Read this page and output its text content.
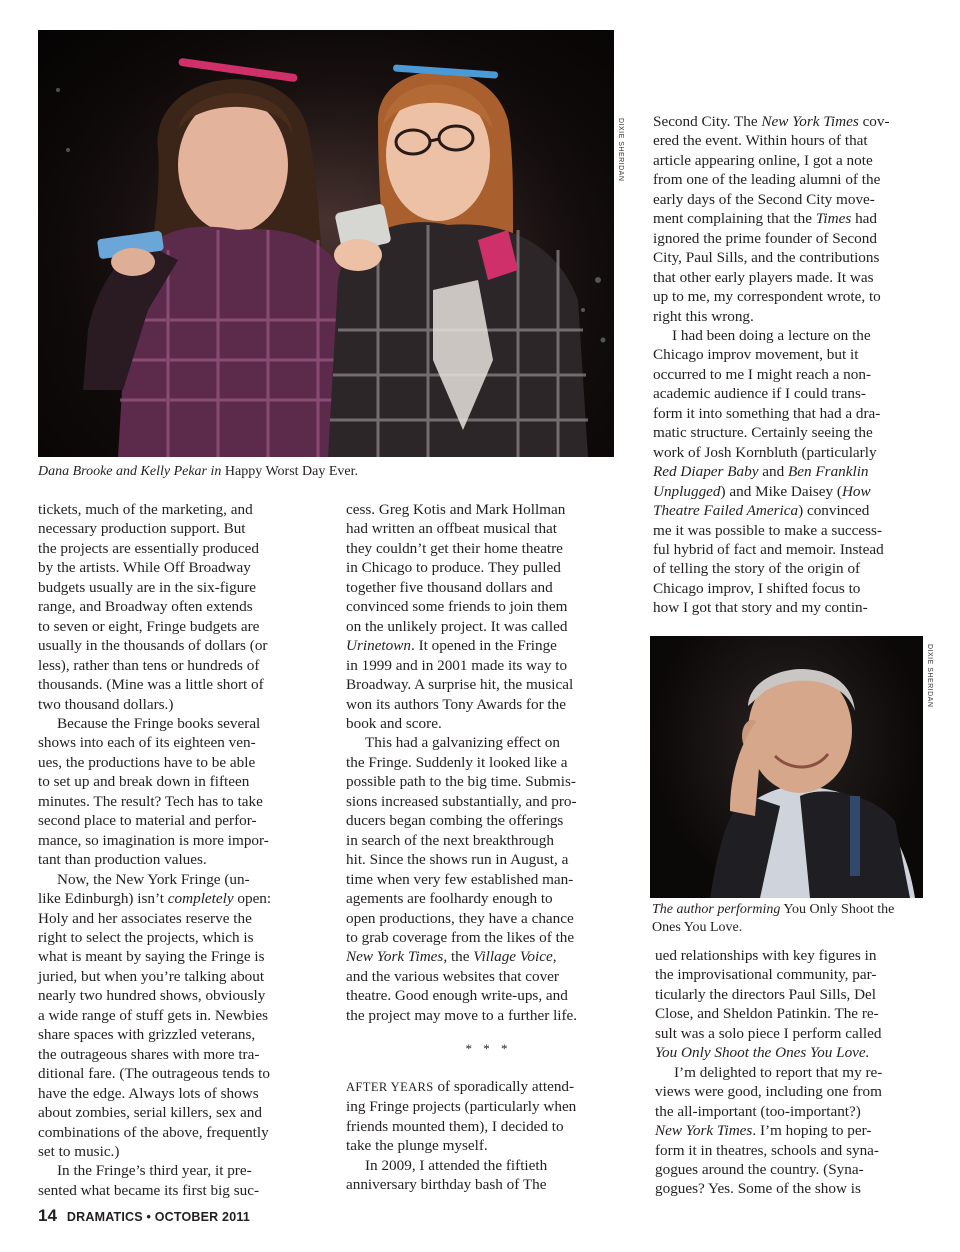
DIXIE SHERIDAN
Dana Brooke and Kelly Pekar in Happy Worst Day Ever.

tickets, much of the marketing, and
necessary production support. But
the projects are essentially produced
by the artists. While Off Broadway
budgets usually are in the six-figure
range, and Broadway often extends
to seven or eight, Fringe budgets are
usually in the thousands of dollars (or
less), rather than tens or hundreds of
thousands. (Mine was a little short of
two thousand dollars.)

Because the Fringe books several
shows into each of its eighteen ven-
ues, the productions have to be able
to set up and break down in fifteen
minutes. The result? Tech has to take
second place to material and perfor-
mance, so imagination is more impor-
tant than production values.

Now, the New York Fringe (un-
like Edinburgh) isn’t completely open:
Holy and her associates reserve the
right to select the projects, which is
what is meant by saying the Fringe is
juried, but when you’re talking about
nearly two hundred shows, obviously
a wide range of stuff gets in. Newbies
share spaces with grizzled veterans,
the outrageous shares with more tra-
ditional fare. (The outrageous tends to
have the edge. Always lots of shows
about zombies, serial killers, sex and
combinations of the above, frequently
set to music.)

In the Fringe’s third year, it pre-
sented what became its first big suc-

cess. Greg Kotis and Mark Hollman
had written an offbeat musical that
they couldn’t get their home theatre
in Chicago to produce. They pulled
together five thousand dollars and
convinced some friends to join them
on the unlikely project. It was called
Urinetown. It opened in the Fringe
in 1999 and in 2001 made its way to
Broadway. A surprise hit, the musical
won its authors Tony Awards for the
book and score.

This had a galvanizing effect on
the Fringe. Suddenly it looked like a
possible path to the big time. Submis-
sions increased substantially, and pro-
ducers began combing the offerings
in search of the next breakthrough
hit. Since the shows run in August, a
time when very few established man-
agements are foolhardy enough to
open productions, they have a chance
to grab coverage from the likes of the
New York Times, the Village Voice,
and the various websites that cover
theatre. Good enough write-ups, and
the project may move to a further life.

* * *

AFTER YEARS of sporadically attend-
ing Fringe projects (particularly when
friends mounted them), I decided to
take the plunge myself.

In 2009, I attended the fiftieth
anniversary birthday bash of The

Second City. The New York Times cov-
ered the event. Within hours of that
article appearing online, I got a note
from one of the leading alumni of the
early days of the Second City move-
ment complaining that the Times had
ignored the prime founder of Second
City, Paul Sills, and the contributions
that other early players made. It was
up to me, my correspondent wrote, to
right this wrong.

I had been doing a lecture on the
Chicago improv movement, but it
occurred to me I might reach a non-
academic audience if I could trans-
form it into something that had a dra-
matic structure. Certainly seeing the
work of Josh Kornbluth (particularly
Red Diaper Baby and Ben Franklin
Unplugged) and Mike Daisey (How
Theatre Failed America) convinced
me it was possible to make a success-
ful hybrid of fact and memoir. Instead
of telling the story of the origin of
Chicago improv, I shifted focus to
how I got that story and my contin-

DIXIE SHERIDAN
The author performing You Only Shoot the
Ones You Love.

ued relationships with key figures in
the improvisational community, par-
ticularly the directors Paul Sills, Del
Close, and Sheldon Patinkin. The re-
sult was a solo piece I perform called
You Only Shoot the Ones You Love.

I’m delighted to report that my re-
views were good, including one from
the all-important (too-important?)
New York Times. I’m hoping to per-
form it in theatres, schools and syna-
gogues around the country. (Syna-
gogues? Yes. Some of the show is

14 DRAMATICS • OCTOBER 2011
